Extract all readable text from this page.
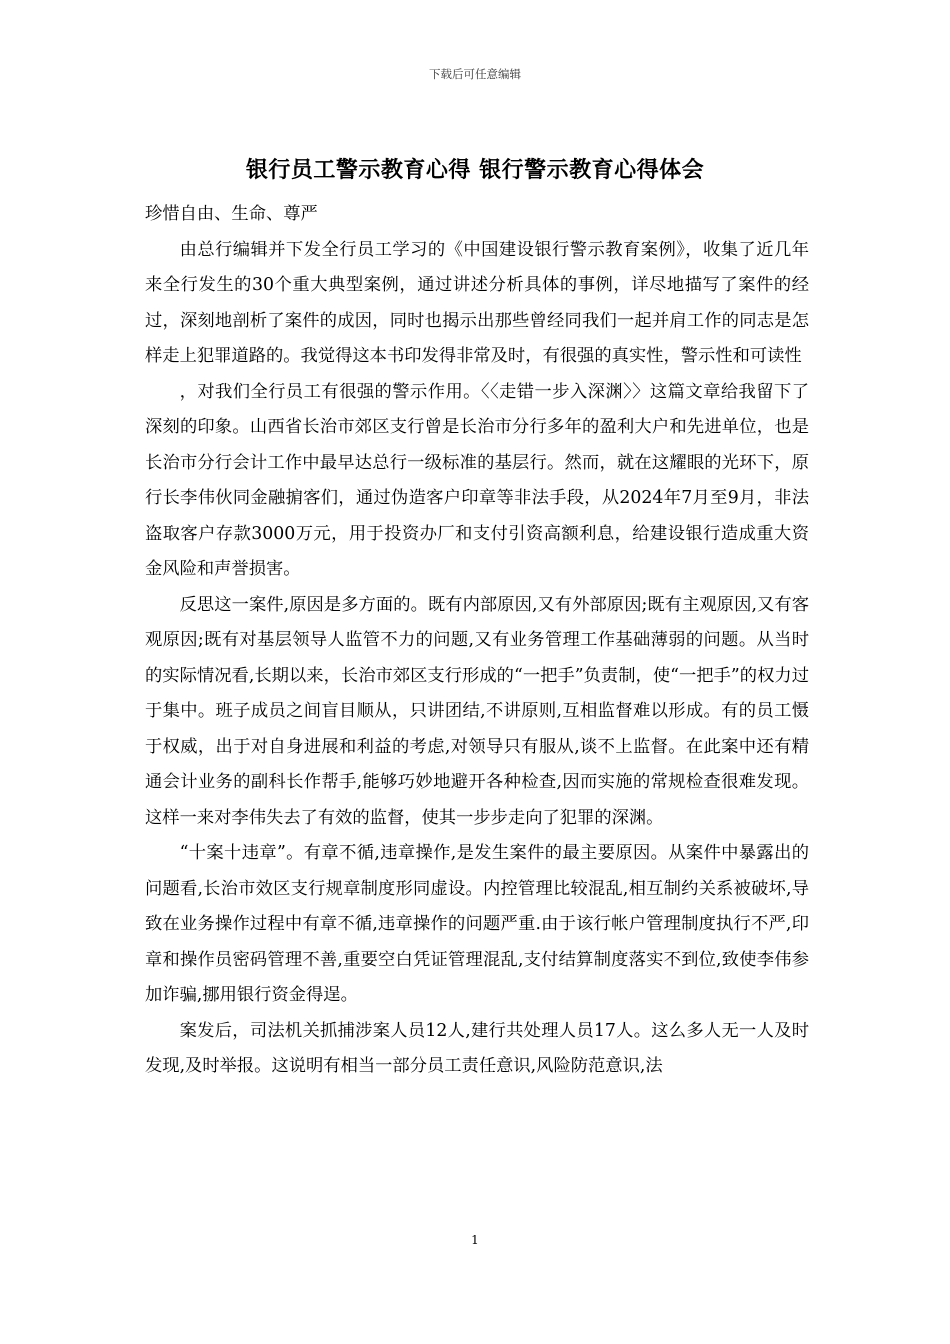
下载后可任意编辑
银行员工警示教育心得 银行警示教育心得体会

珍惜自由、生命、尊严

由总行编辑并下发全行员工学习的《中国建设银行警示教育案例》，收集了近几年来全行发生的30个重大典型案例，通过讲述分析具体的事例，详尽地描写了案件的经过，深刻地剖析了案件的成因，同时也揭示出那些曾经同我们一起并肩工作的同志是怎样走上犯罪道路的。我觉得这本书印发得非常及时，有很强的真实性，警示性和可读性

，对我们全行员工有很强的警示作用。〈〈走错一步入深渊〉〉这篇文章给我留下了深刻的印象。山西省长治市郊区支行曾是长治市分行多年的盈利大户和先进单位，也是长治市分行会计工作中最早达总行一级标准的基层行。然而，就在这耀眼的光环下，原行长李伟伙同金融掮客们，通过伪造客户印章等非法手段，从2024年7月至9月，非法盗取客户存款3000万元，用于投资办厂和支付引资高额利息，给建设银行造成重大资金风险和声誉损害。

反思这一案件,原因是多方面的。既有内部原因,又有外部原因;既有主观原因,又有客观原因;既有对基层领导人监管不力的问题,又有业务管理工作基础薄弱的问题。从当时的实际情况看,长期以来，长治市郊区支行形成的“一把手”负责制，使“一把手”的权力过于集中。班子成员之间盲目顺从，只讲团结,不讲原则,互相监督难以形成。有的员工慑于权威，出于对自身进展和利益的考虑,对领导只有服从,谈不上监督。在此案中还有精通会计业务的副科长作帮手,能够巧妙地避开各种检查,因而实施的常规检查很难发现。这样一来对李伟失去了有效的监督，使其一步步走向了犯罪的深渊。

“十案十违章”。有章不循,违章操作,是发生案件的最主要原因。从案件中暴露出的问题看,长治市效区支行规章制度形同虚设。内控管理比较混乱,相互制约关系被破坏,导致在业务操作过程中有章不循,违章操作的问题严重.由于该行帐户管理制度执行不严,印章和操作员密码管理不善,重要空白凭证管理混乱,支付结算制度落实不到位,致使李伟参加诈骗,挪用银行资金得逞。

案发后，司法机关抓捕涉案人员12人,建行共处理人员17人。这么多人无一人及时发现,及时举报。这说明有相当一部分员工责任意识,风险防范意识,法

1
